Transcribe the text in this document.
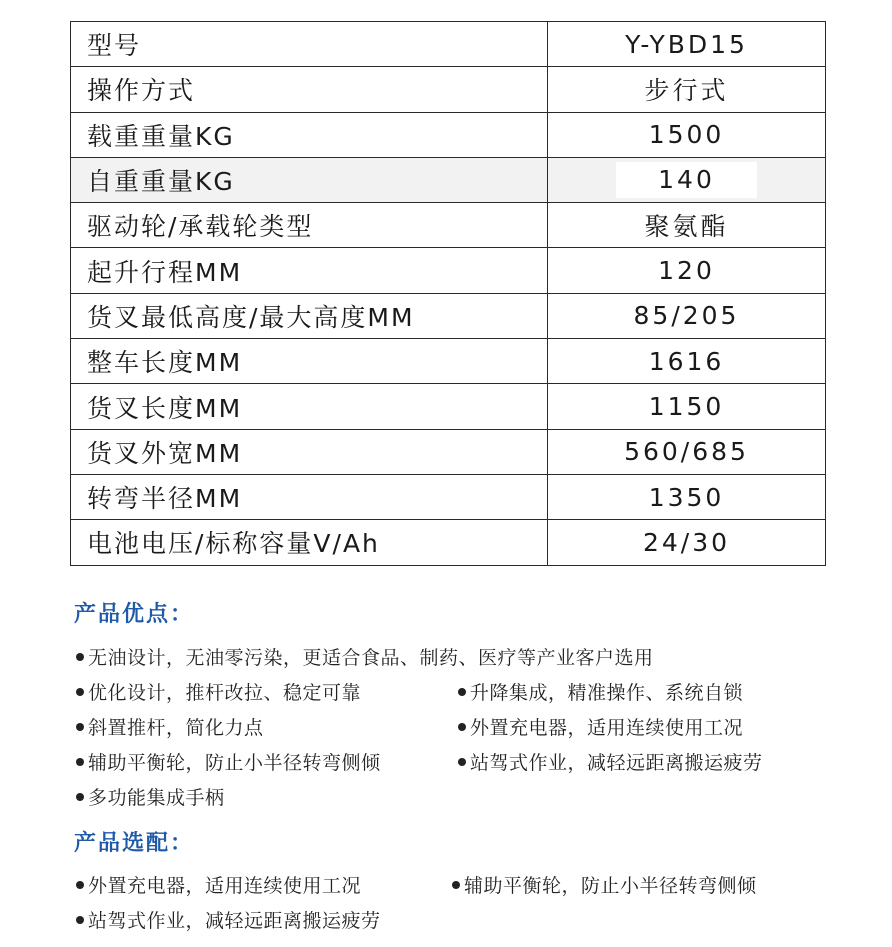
型号	Y-YBD15
操作方式	步行式
载重重量KG	1500
自重重量KG	140
驱动轮/承载轮类型	聚氨酯
起升行程MM	120
货叉最低高度/最大高度MM	85/205
整车长度MM	1616
货叉长度MM	1150
货叉外宽MM	560/685
转弯半径MM	1350
电池电压/标称容量V/Ah	24/30
产品优点：
无油设计，无油零污染，更适合食品、制药、医疗等产业客户选用
优化设计，推杆改拉、稳定可靠	升降集成，精准操作、系统自锁
斜置推杆，简化力点	外置充电器，适用连续使用工况
辅助平衡轮，防止小半径转弯侧倾	站驾式作业，减轻远距离搬运疲劳
多功能集成手柄
产品选配：
外置充电器，适用连续使用工况	辅助平衡轮，防止小半径转弯侧倾
站驾式作业，减轻远距离搬运疲劳
